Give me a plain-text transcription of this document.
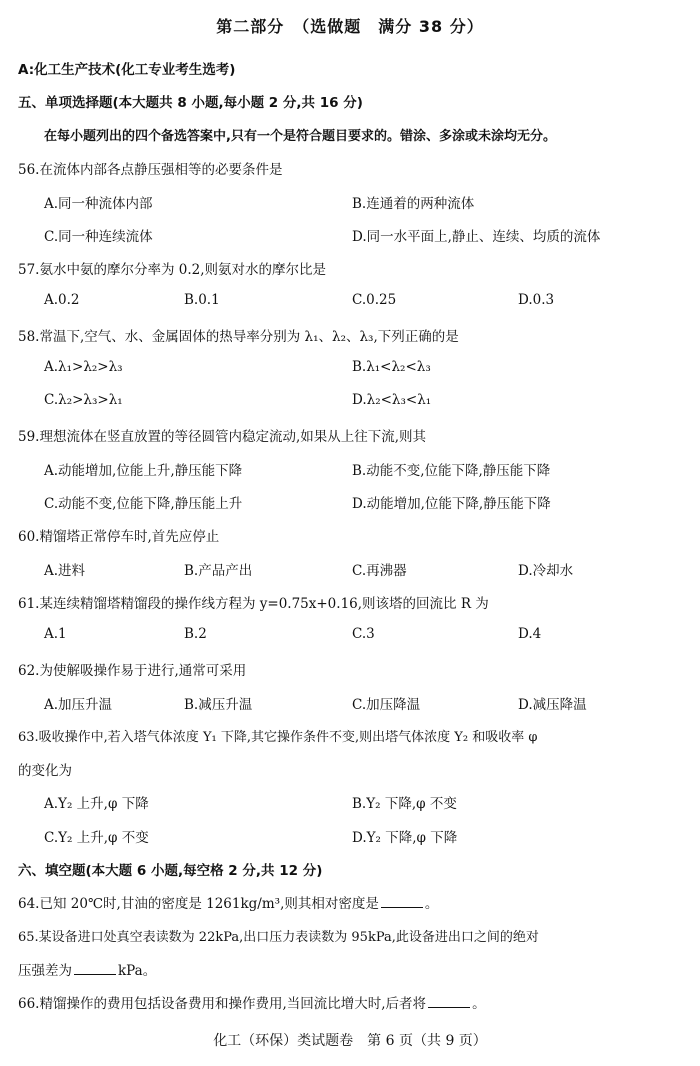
第二部分　（选做题　满分 38 分）
A:化工生产技术(化工专业考生选考)
五、单项选择题(本大题共 8 小题,每小题 2 分,共 16 分)
在每小题列出的四个备选答案中,只有一个是符合题目要求的。错涂、多涂或未涂均无分。
56.在流体内部各点静压强相等的必要条件是
A.同一种流体内部	B.连通着的两种流体
C.同一种连续流体	D.同一水平面上,静止、连续、均质的流体
57.氨水中氨的摩尔分率为 0.2,则氨对水的摩尔比是
A.0.2	B.0.1	C.0.25	D.0.3
58.常温下,空气、水、金属固体的热导率分别为 λ₁、λ₂、λ₃,下列正确的是
A.λ₁>λ₂>λ₃	B.λ₁<λ₂<λ₃
C.λ₂>λ₃>λ₁	D.λ₂<λ₃<λ₁
59.理想流体在竖直放置的等径圆管内稳定流动,如果从上往下流,则其
A.动能增加,位能上升,静压能下降	B.动能不变,位能下降,静压能下降
C.动能不变,位能下降,静压能上升	D.动能增加,位能下降,静压能下降
60.精馏塔正常停车时,首先应停止
A.进料	B.产品产出	C.再沸器	D.冷却水
61.某连续精馏塔精馏段的操作线方程为 y=0.75x+0.16,则该塔的回流比 R 为
A.1	B.2	C.3	D.4
62.为使解吸操作易于进行,通常可采用
A.加压升温	B.减压升温	C.加压降温	D.减压降温
63.吸收操作中,若入塔气体浓度 Y₁ 下降,其它操作条件不变,则出塔气体浓度 Y₂ 和吸收率 φ
的变化为
A.Y₂ 上升,φ 下降	B.Y₂ 下降,φ 不变
C.Y₂ 上升,φ 不变	D.Y₂ 下降,φ 下降
六、填空题(本大题 6 小题,每空格 2 分,共 12 分)
64.已知 20℃时,甘油的密度是 1261kg/m³,则其相对密度是	。
65.某设备进口处真空表读数为 22kPa,出口压力表读数为 95kPa,此设备进出口之间的绝对
压强差为	kPa。
66.精馏操作的费用包括设备费用和操作费用,当回流比增大时,后者将	。
化工（环保）类试题卷　第 6 页（共 9 页）
